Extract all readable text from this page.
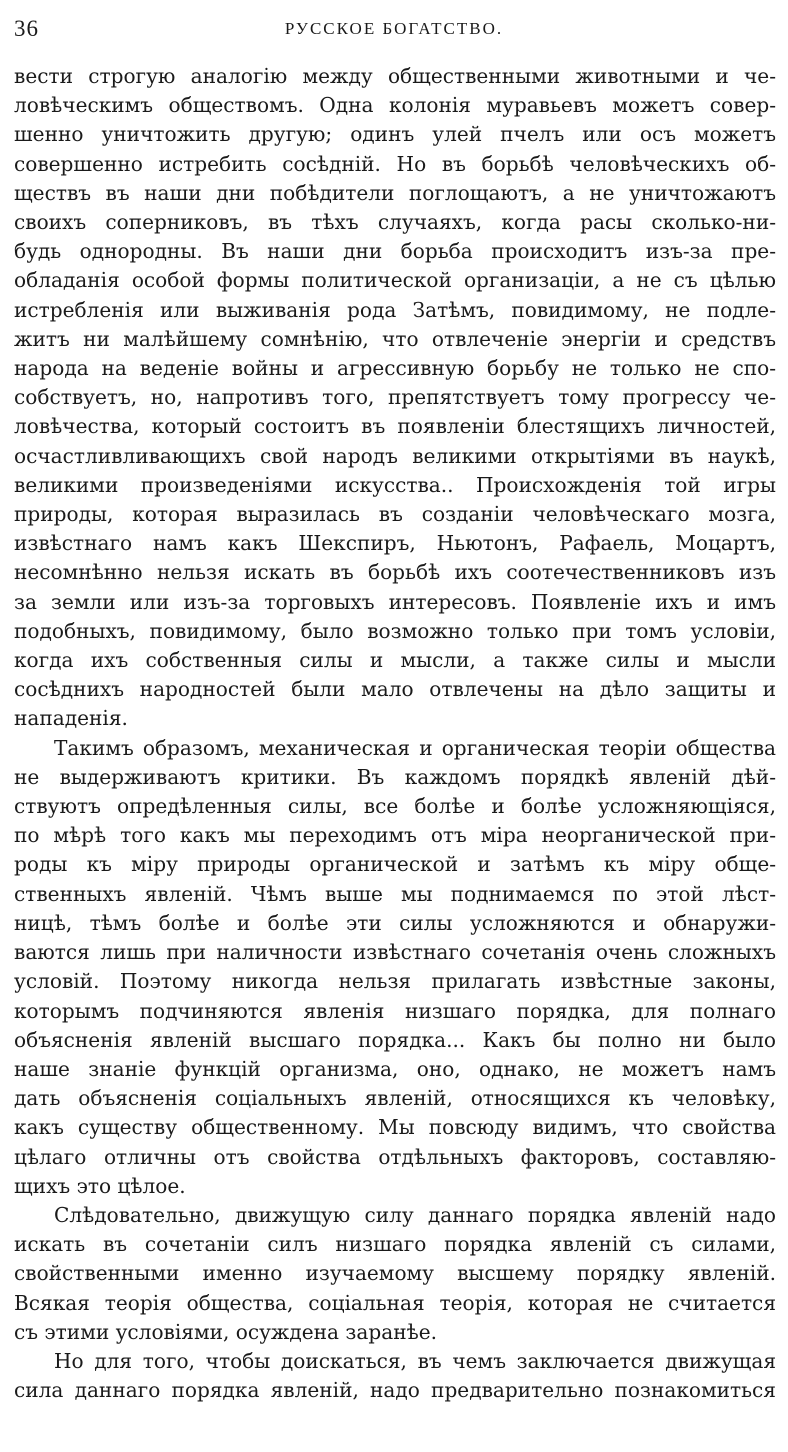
36	РУССКОЕ БОГАТСТВО.

вести строгую аналогію между общественными животными и че-

ловѣческимъ обществомъ. Одна колонія муравьевъ можетъ совер-

шенно уничтожить другую; одинъ улей пчелъ или осъ можетъ

совершенно истребить сосѣдній. Но въ борьбѣ человѣческихъ об-

ществъ въ наши дни побѣдители поглощаютъ, а не уничтожаютъ

своихъ соперниковъ, въ тѣхъ случаяхъ, когда расы сколько-ни-

будь однородны. Въ наши дни борьба происходитъ изъ-за пре-

обладанія особой формы политической организаціи, а не съ цѣлью

истребленія или выживанія рода Затѣмъ, повидимому, не подле-

житъ ни малѣйшему сомнѣнію, что отвлеченіе энергіи и средствъ

народа на веденіе войны и агрессивную борьбу не только не спо-

собствуетъ, но, напротивъ того, препятствуетъ тому прогрессу че-

ловѣчества, который состоитъ въ появленіи блестящихъ личностей,

осчастливливающихъ свой народъ великими открытіями въ наукѣ,

великими произведеніями искусства.. Происхожденія той игры

природы, которая выразилась въ созданіи человѣческаго мозга,

извѣстнаго намъ какъ Шекспиръ, Ньютонъ, Рафаель, Моцартъ,

несомнѣнно нельзя искать въ борьбѣ ихъ соотечественниковъ изъ

за земли или изъ-за торговыхъ интересовъ. Появленіе ихъ и имъ

подобныхъ, повидимому, было возможно только при томъ условіи,

когда ихъ собственныя силы и мысли, а также силы и мысли

сосѣднихъ народностей были мало отвлечены на дѣло защиты и

нападенія.

Такимъ образомъ, механическая и органическая теоріи общества

не выдерживаютъ критики. Въ каждомъ порядкѣ явленій дѣй-

ствуютъ опредѣленныя силы, все болѣе и болѣе усложняющіяся,

по мѣрѣ того какъ мы переходимъ отъ міра неорганической при-

роды къ міру природы органической и затѣмъ къ міру обще-

ственныхъ явленій. Чѣмъ выше мы поднимаемся по этой лѣст-

ницѣ, тѣмъ болѣе и болѣе эти силы усложняются и обнаружи-

ваются лишь при наличности извѣстнаго сочетанія очень сложныхъ

условій. Поэтому никогда нельзя прилагать извѣстные законы,

которымъ подчиняются явленія низшаго порядка, для полнаго

объясненія явленій высшаго порядка... Какъ бы полно ни было

наше знаніе функцій организма, оно, однако, не можетъ намъ

дать объясненія соціальныхъ явленій, относящихся къ человѣку,

какъ существу общественному. Мы повсюду видимъ, что свойства

цѣлаго отличны отъ свойства отдѣльныхъ факторовъ, составляю-

щихъ это цѣлое.

Слѣдовательно, движущую силу даннаго порядка явленій надо

искать въ сочетаніи силъ низшаго порядка явленій съ силами,

свойственными именно изучаемому высшему порядку явленій.

Всякая теорія общества, соціальная теорія, которая не считается

съ этими условіями, осуждена заранѣе.

Но для того, чтобы доискаться, въ чемъ заключается движущая

сила даннаго порядка явленій, надо предварительно познакомиться
